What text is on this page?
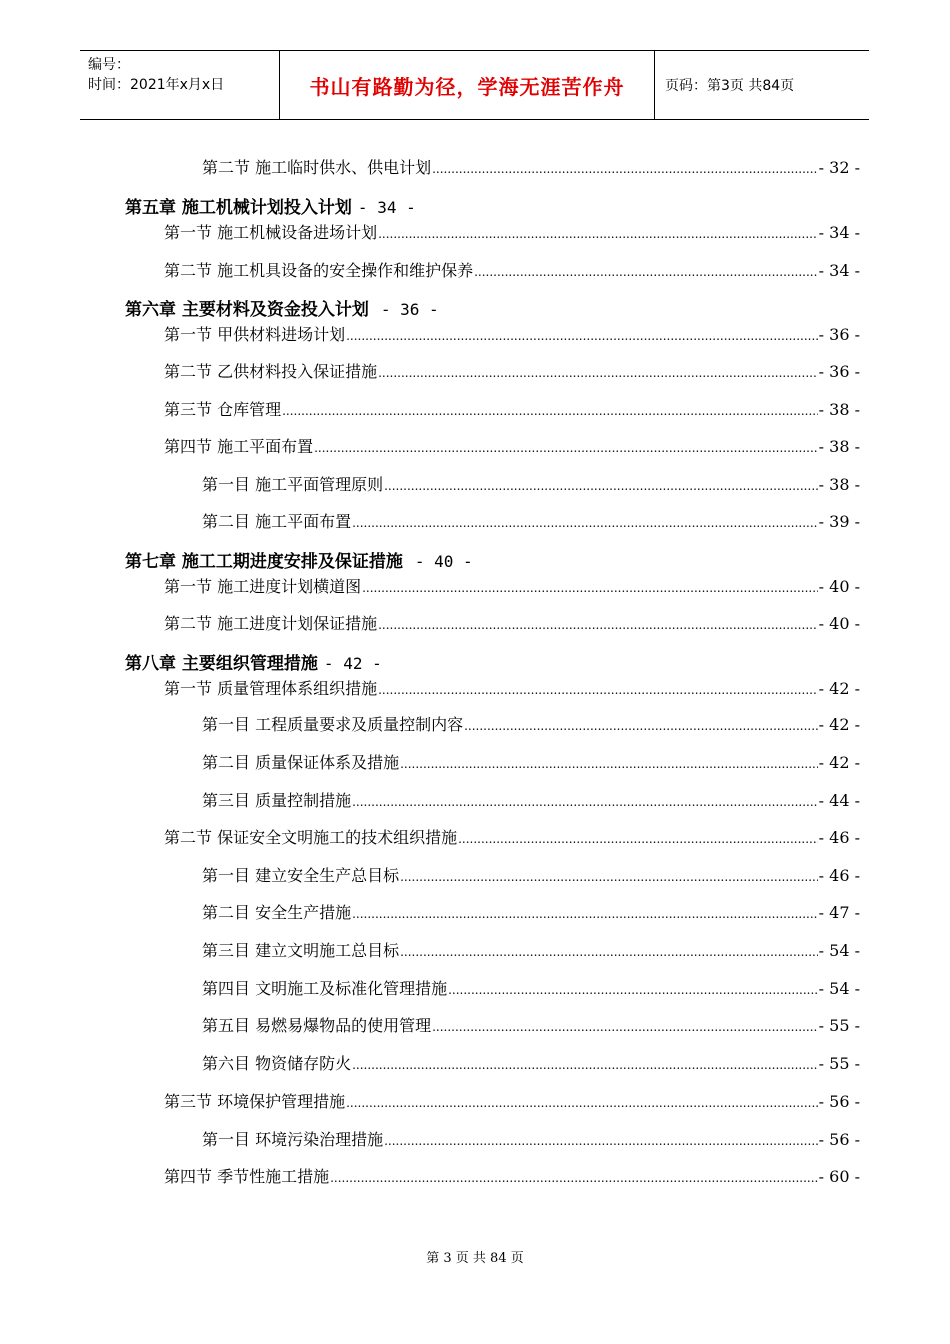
编号：
时间：2021年x月x日	书山有路勤为径，学海无涯苦作舟	页码：第3页 共84页
第二节 施工临时供水、供电计划 .....	- 32 -
第五章 施工机械计划投入计划 - 34 -
第一节 施工机械设备进场计划 .....	- 34 -
第二节 施工机具设备的安全操作和维护保养 .....	- 34 -
第六章 主要材料及资金投入计划 - 36 -
第一节 甲供材料进场计划 .....	- 36 -
第二节 乙供材料投入保证措施 .....	- 36 -
第三节 仓库管理 .....	- 38 -
第四节 施工平面布置 .....	- 38 -
第一目 施工平面管理原则 .....	- 38 -
第二目 施工平面布置 .....	- 39 -
第七章 施工工期进度安排及保证措施 - 40 -
第一节 施工进度计划横道图 .....	- 40 -
第二节 施工进度计划保证措施 .....	- 40 -
第八章 主要组织管理措施 - 42 -
第一节 质量管理体系组织措施 .....	- 42 -
第一目 工程质量要求及质量控制内容 .....	- 42 -
第二目 质量保证体系及措施 .....	- 42 -
第三目 质量控制措施 .....	- 44 -
第二节 保证安全文明施工的技术组织措施 .....	- 46 -
第一目 建立安全生产总目标 .....	- 46 -
第二目 安全生产措施 .....	- 47 -
第三目 建立文明施工总目标 .....	- 54 -
第四目 文明施工及标准化管理措施 .....	- 54 -
第五目 易燃易爆物品的使用管理 .....	- 55 -
第六目 物资储存防火 .....	- 55 -
第三节 环境保护管理措施 .....	- 56 -
第一目 环境污染治理措施 .....	- 56 -
第四节 季节性施工措施 .....	- 60 -
第 3 页 共 84 页
